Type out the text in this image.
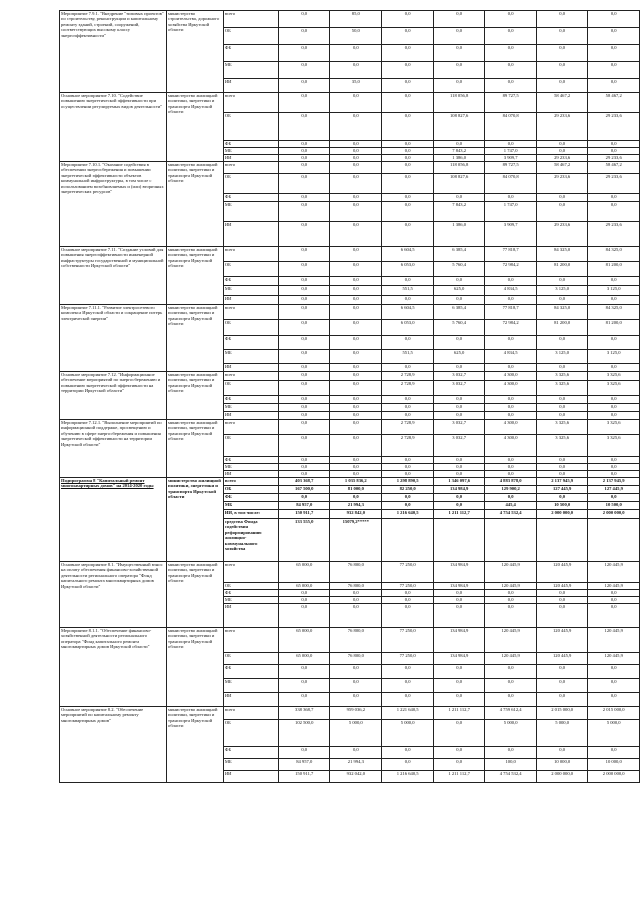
Мероприятие 7.9.1. "Внедрение "типовых проектов" по строительству, реконструкции и капитальному ремонту зданий, строений, сооружений, соответствующих высокому классу энергоэффективности"	министерство строительства, дорожного хозяйства Иркутской области	всего	0,0	85,0	0,0	0,0	0,0	0,0	0,0
		ОБ	0,0	50,0	0,0	0,0	0,0	0,0	0,0
		ФБ	0,0	0,0	0,0	0,0	0,0	0,0	0,0
		МБ	0,0	0,0	0,0	0,0	0,0	0,0	0,0
		ИИ	0,0	35,0	0,0	0,0	0,0	0,0	0,0
Основное мероприятие 7.10. "Содействие повышению энергетической эффективности при осуществлении регулируемых видов деятельности"	министерство жилищной политики, энергетики и транспорта Иркутской области	всего	0,0	0,0	0,0	118 056,8	89 727,5	58 467,2	58 467,2
		ОБ	0,0	0,0	0,0	108 827,6	84 070,8	29 233,6	29 233,6
		ФБ	0,0	0,0	0,0	0,0	0,0	0,0	0,0
		МБ	0,0	0,0	0,0	7 843,2	1 747,0	0,0	0,0
		ИИ	0,0	0,0	0,0	1 386,0	3 909,7	29 233,6	29 233,6
Мероприятие 7.10.1. "Оказание содействия в обеспечении энергосбережения и повышении энергетической эффективности объектов коммунальной инфраструктуры, в том числе с использованием возобновляемых и (или) вторичных энергетических ресурсов"	министерство жилищной политики, энергетики и транспорта Иркутской области	всего	0,0	0,0	0,0	118 056,8	89 727,5	58 467,2	58 467,2
		ОБ	0,0	0,0	0,0	108 827,6	84 070,8	29 233,6	29 233,6
		ФБ	0,0	0,0	0,0	0,0	0,0	0,0	0,0
		МБ	0,0	0,0	0,0	7 843,2	1 747,0	0,0	0,0
		ИИ	0,0	0,0	0,0	1 386,0	3 909,7	29 233,6	29 233,6
Основное мероприятие 7.11. "Создание условий для повышения энергоэффективности инженерной инфраструктуры государственной и муниципальной собственности Иркутской области"	министерство жилищной политики, энергетики и транспорта Иркутской области	всего	0,0	0,0	6 604,5	6 385,4	77 818,7	84 325,0	84 325,0
		ОБ	0,0	0,0	6 053,0	5 760,4	72 984,2	81 200,0	81 200,0
		ФБ	0,0	0,0	0,0	0,0	0,0	0,0	0,0
		МБ	0,0	0,0	551,5	625,0	4 834,5	3 125,0	3 125,0
		ИИ	0,0	0,0	0,0	0,0	0,0	0,0	0,0
Мероприятие 7.11.1. "Развитие электросетевого комплекса Иркутской области и сокращение потерь электрической энергии"	министерство жилищной политики, энергетики и транспорта Иркутской области	всего	0,0	0,0	6 604,5	6 385,4	77 818,7	84 325,0	84 325,0
		ОБ	0,0	0,0	6 053,0	5 760,4	72 984,2	81 200,0	81 200,0
		ФБ	0,0	0,0	0,0	0,0	0,0	0,0	0,0
		МБ	0,0	0,0	551,5	625,0	4 834,5	3 125,0	3 125,0
		ИИ	0,0	0,0	0,0	0,0	0,0	0,0	0,0
Основное мероприятие 7.12. "Информационное обеспечение мероприятий по энергосбережению и повышению энергетической эффективности на территории Иркутской области"	министерство жилищной политики, энергетики и транспорта Иркутской области	всего	0,0	0,0	2 728,9	3 032,7	4 300,0	3 325,6	3 325,6
		ОБ	0,0	0,0	2 728,9	3 032,7	4 300,0	3 325,6	3 325,6
		ФБ	0,0	0,0	0,0	0,0	0,0	0,0	0,0
		МБ	0,0	0,0	0,0	0,0	0,0	0,0	0,0
		ИИ	0,0	0,0	0,0	0,0	0,0	0,0	0,0
Мероприятие 7.12.1. "Выполнение мероприятий по информационной поддержке, просвещению и обучению в сфере энергосбережения и повышения энергетической эффективности на территории Иркутской области"	министерство жилищной политики, энергетики и транспорта Иркутской области	всего	0,0	0,0	2 728,9	3 032,7	4 300,0	3 325,6	3 325,6
		ОБ	0,0	0,0	2 728,9	3 032,7	4 300,0	3 325,6	3 325,6
		ФБ	0,0	0,0	0,0	0,0	0,0	0,0	0,0
		МБ	0,0	0,0	0,0	0,0	0,0	0,0	0,0
		ИИ	0,0	0,0	0,0	0,0	0,0	0,0	0,0
Подпрограмма 8 "Капитальный ремонт многоквартирных домов" на 2014-2020 годы	министерство жилищной политики, энергетики и транспорта Иркутской области	всего	403 368,7	1 035 836,2	1 298 890,5	1 346 097,6	4 883 878,0	2 137 945,9	2 137 945,9
		ОБ	167 500,0	81 000,0	82 250,0	134 984,9	129 900,2	127 445,9	127 445,9
		ФБ	0,0	0,0	0,0	0,0	0,0	0,0	0,0
		МБ	84 957,0	21 994,3	0,0	0,0	445,4	10 500,0	10 500,0
		ИИ, в том числе:	150 911,7	932 842,0	1 216 640,5	1 211 112,7	4 754 532,4	2 000 000,0	2 000 000,0
		средства Фонда содействия реформированию жилищно-коммунального хозяйства	133 555,0	15079,2*****					
Основное мероприятие 8.1. "Имущественный взнос на оплату обеспечения финансово-хозяйственной деятельности регионального оператора "Фонд капитального ремонта многоквартирных домов Иркутской области"	министерство жилищной политики, энергетики и транспорта Иркутской области	всего	65 000,0	76 800,0	77 250,0	134 984,9	120 445,9	120 445,9	120 445,9
		ОБ	65 000,0	76 800,0	77 250,0	134 984,9	120 445,9	120 445,9	120 445,9
		ФБ	0,0	0,0	0,0	0,0	0,0	0,0	0,0
		МБ	0,0	0,0	0,0	0,0	0,0	0,0	0,0
		ИИ	0,0	0,0	0,0	0,0	0,0	0,0	0,0
Мероприятие 8.1.1. "Обеспечение финансово-хозяйственной деятельности регионального оператора "Фонд капитального ремонта многоквартирных домов Иркутской области"	министерство жилищной политики, энергетики и транспорта Иркутской области	всего	65 000,0	76 800,0	77 250,0	134 984,9	120 445,9	120 445,9	120 445,9
		ОБ	65 000,0	76 800,0	77 250,0	134 984,9	120 445,9	120 445,9	120 445,9
		ФБ	0,0	0,0	0,0	0,0	0,0	0,0	0,0
		МБ	0,0	0,0	0,0	0,0	0,0	0,0	0,0
		ИИ	0,0	0,0	0,0	0,0	0,0	0,0	0,0
Основное мероприятие 8.2. "Обеспечение мероприятий по капитальному ремонту многоквартирных домов"	министерство жилищной политики, энергетики и транспорта Иркутской области	всего	338 368,7	959 036,2	1 221 640,5	1 211 112,7	4 759 612,4	2 015 000,0	2 015 000,0
		ОБ	102 500,0	5 000,0	5 000,0	0,0	5 000,0	5 000,0	5 000,0
		ФБ	0,0	0,0	0,0	0,0	0,0	0,0	0,0
		МБ	84 957,0	21 994,3	0,0	0,0	100,0	10 000,0	10 000,0
		ИИ	150 911,7	932 042,0	1 216 640,5	1 211 112,7	4 754 532,4	2 000 000,0	2 000 000,0
